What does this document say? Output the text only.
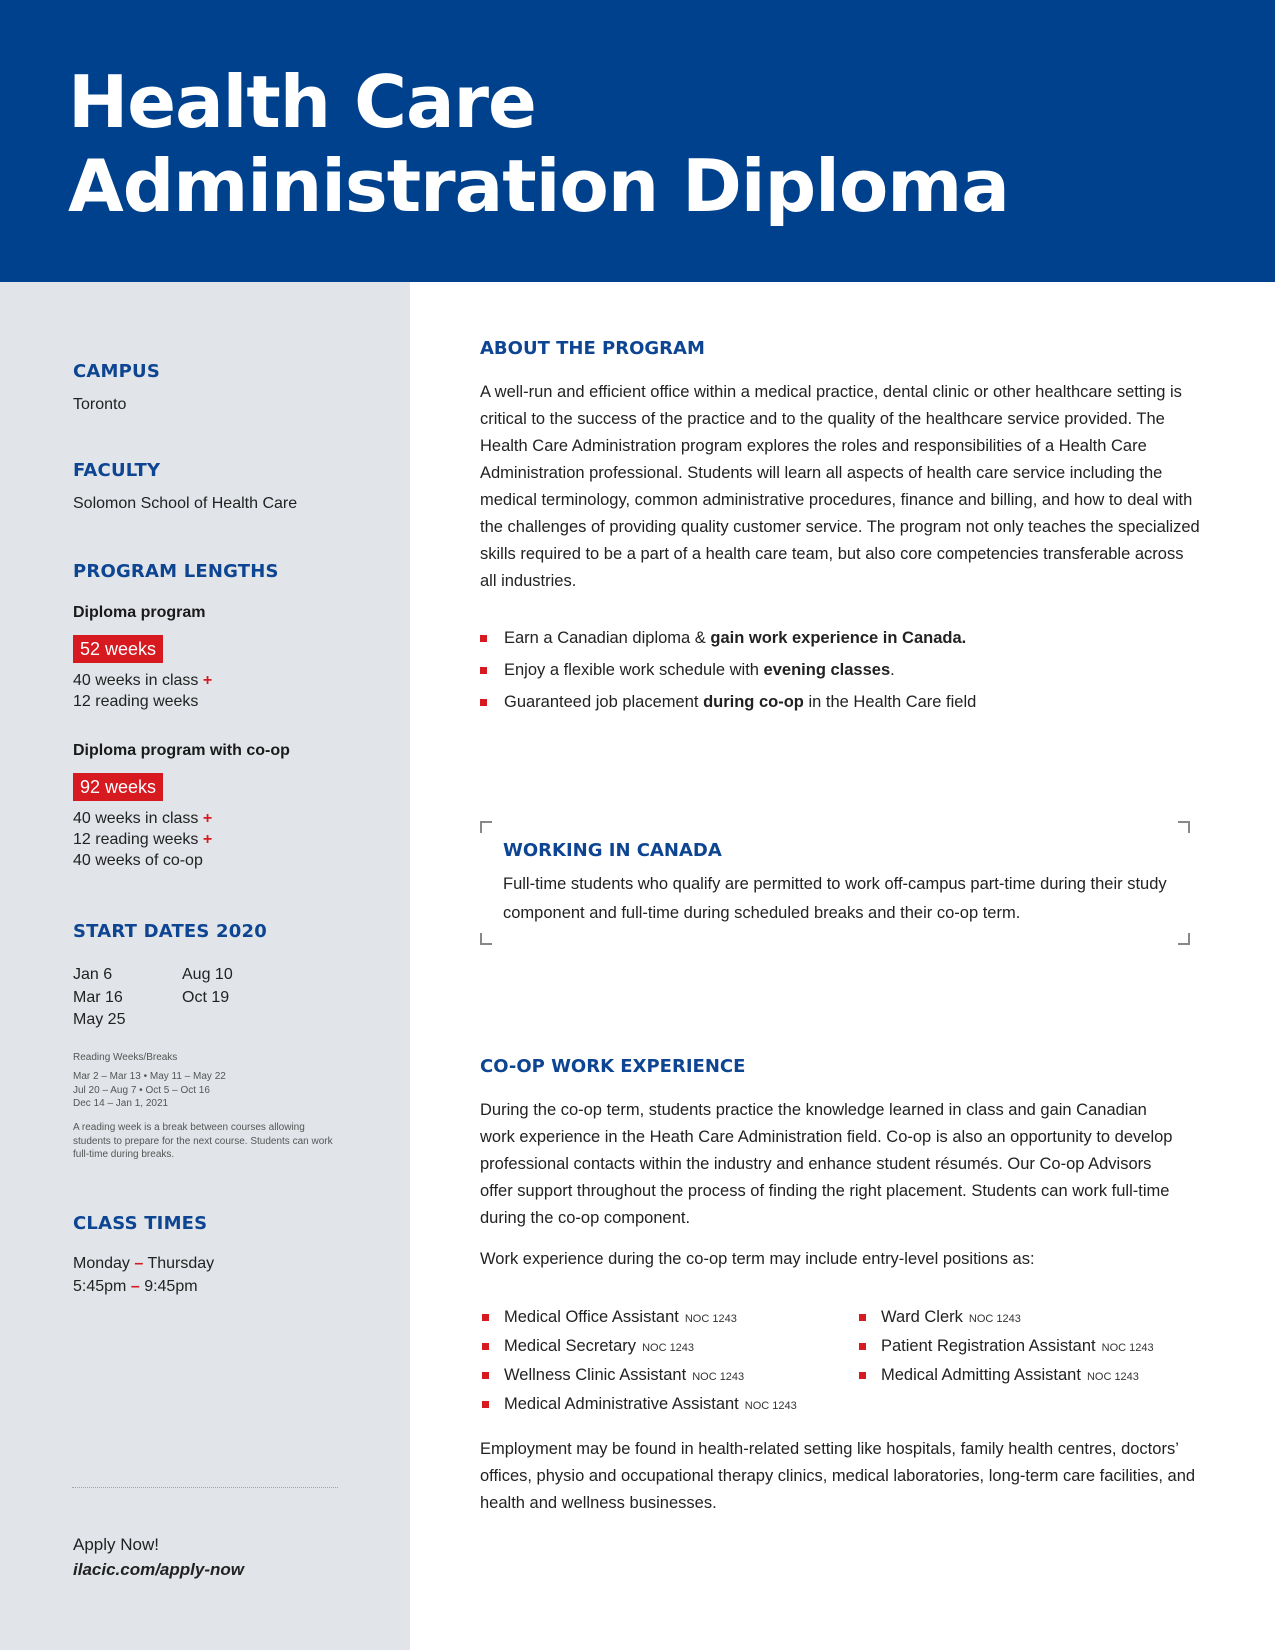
Health Care
Administration Diploma
CAMPUS
Toronto
FACULTY
Solomon School of Health Care
PROGRAM LENGTHS
Diploma program
52 weeks
40 weeks in class +
12 reading weeks
Diploma program with co-op
92 weeks
40 weeks in class +
12 reading weeks +
40 weeks of co-op
START DATES 2020
Jan 6
Mar 16
May 25
Aug 10
Oct 19
Reading Weeks/Breaks
Mar 2 – Mar 13 • May 11 – May 22
Jul 20 – Aug 7 • Oct 5 – Oct 16
Dec 14 – Jan 1, 2021
A reading week is a break between courses allowing students to prepare for the next course. Students can work full-time during breaks.
CLASS TIMES
Monday – Thursday
5:45pm – 9:45pm
Apply Now!
ilacic.com/apply-now
ABOUT THE PROGRAM
A well-run and efficient office within a medical practice, dental clinic or other healthcare setting is critical to the success of the practice and to the quality of the healthcare service provided. The Health Care Administration program explores the roles and responsibilities of a Health Care Administration professional. Students will learn all aspects of health care service including the medical terminology, common administrative procedures, finance and billing, and how to deal with the challenges of providing quality customer service. The program not only teaches the specialized skills required to be a part of a health care team, but also core competencies transferable across all industries.
Earn a Canadian diploma & gain work experience in Canada.
Enjoy a flexible work schedule with evening classes.
Guaranteed job placement during co-op in the Health Care field
WORKING IN CANADA
Full-time students who qualify are permitted to work off-campus part-time during their study component and full-time during scheduled breaks and their co-op term.
CO-OP WORK EXPERIENCE
During the co-op term, students practice the knowledge learned in class and gain Canadian work experience in the Heath Care Administration field. Co-op is also an opportunity to develop professional contacts within the industry and enhance student résumés. Our Co-op Advisors offer support throughout the process of finding the right placement. Students can work full-time during the co-op component.
Work experience during the co-op term may include entry-level positions as:
Medical Office Assistant NOC 1243
Medical Secretary NOC 1243
Wellness Clinic Assistant NOC 1243
Medical Administrative Assistant NOC 1243
Ward Clerk NOC 1243
Patient Registration Assistant NOC 1243
Medical Admitting Assistant NOC 1243
Employment may be found in health-related setting like hospitals, family health centres, doctors’ offices, physio and occupational therapy clinics, medical laboratories, long-term care facilities, and health and wellness businesses.
